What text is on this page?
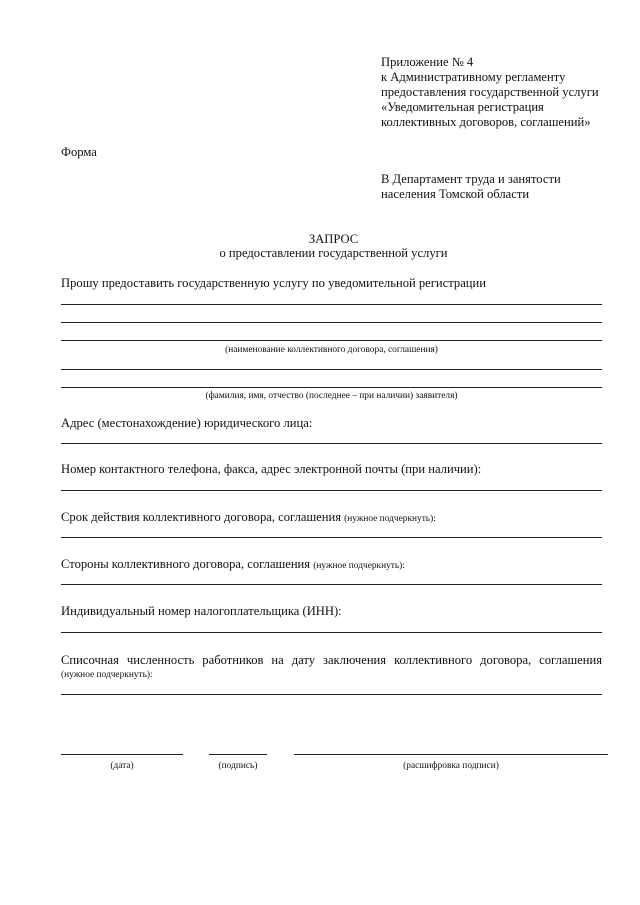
Приложение № 4
к Административному регламенту
предоставления государственной услуги
«Уведомительная регистрация
коллективных договоров, соглашений»
Форма
В Департамент труда и занятости
населения Томской области
ЗАПРОС
о предоставлении государственной услуги
Прошу предоставить государственную услугу по уведомительной регистрации
(наименование коллективного договора, соглашения)
(фамилия, имя, отчество (последнее – при наличии) заявителя)
Адрес (местонахождение) юридического лица:
Номер контактного телефона, факса, адрес электронной почты (при наличии):
Срок действия коллективного договора, соглашения (нужное подчеркнуть):
Стороны коллективного договора, соглашения (нужное подчеркнуть):
Индивидуальный номер налогоплательщика (ИНН):
Списочная численность работников на дату заключения коллективного договора, соглашения
(нужное подчеркнуть):
(дата)	(подпись)	(расшифровка подписи)
